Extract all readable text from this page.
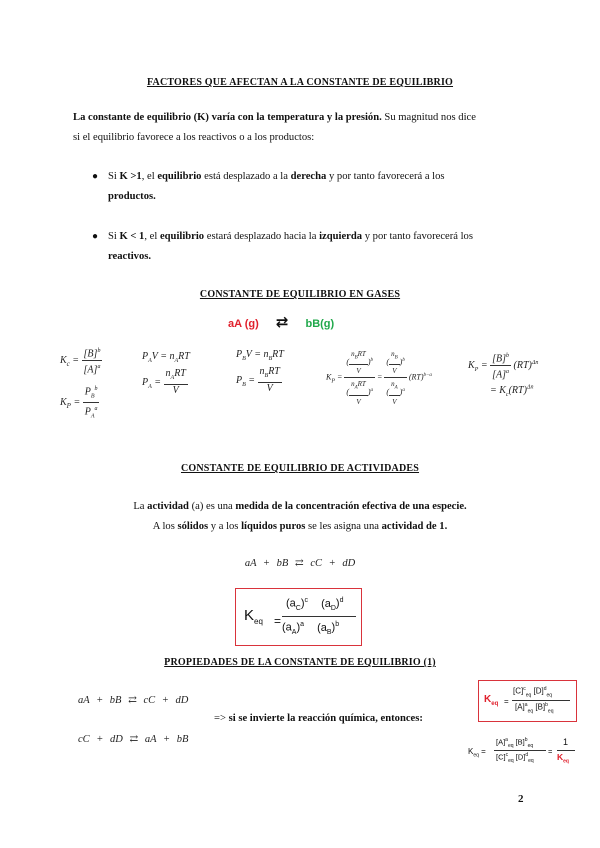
FACTORES QUE AFECTAN A LA CONSTANTE DE EQUILIBRIO
La constante de equilibrio (K) varía con la temperatura y la presión. Su magnitud nos dice
si el equilibrio favorece a los reactivos o a los productos:
● Si K >1, el equilibrio está desplazado a la derecha y por tanto favorecerá a los
productos.
● Si K < 1, el equilibrio estará desplazado hacia la izquierda y por tanto favorecerá los
reactivos.
CONSTANTE DE EQUILIBRIO EN GASES
aA (g) ⇄ bB(g)
$K_c = \frac{[B]^b}{[A]^a}$
$K_P = \frac{P_B^b}{P_A^a}$
$P_AV = n_ART$
$P_A = \frac{n_ART}{V}$
$P_BV = n_BRT$
$P_B = \frac{n_BRT}{V}$	$K_P = \frac{( \frac{n_BRT}{V} )^b}{( \frac{n_ART}{V} )^a} = \frac{( \frac{n_B}{V} )^b}{( \frac{n_A}{V} )^a} (RT)^{b-a}$
$K_P = \frac{[B]^b}{[A]^a} (RT)^{\Delta n}$
= $K_c(RT)^{\Delta n}$
CONSTANTE DE EQUILIBRIO DE ACTIVIDADES
La actividad (a) es una medida de la concentración efectiva de una especie.
A los sólidos y a los líquidos puros se les asigna una actividad de 1.
aA + bB ⇄ cC + dD
$K_{eq}$ =
$(a_C)^c$ $(a_D)^d$
$(a_A)^a$ $(a_B)^b$
PROPIEDADES DE LA CONSTANTE DE EQUILIBRIO (1)
aA + bB ⇄ cC + dD
=> si se invierte la reacción química, entonces:
cC + dD ⇄ aA + bB
$K_{eq}$ =
$[C]^c_{eq}$ $[D]^d_{eq}$
$[A]^a_{eq}$ $[B]^b_{eq}$
$K_{eq}$ =
$[A]^a_{eq}$ $[B]^b_{eq}$
$[C]^c_{eq}$ $[D]^d_{eq}$
=
1
$K_{eq}$
2
